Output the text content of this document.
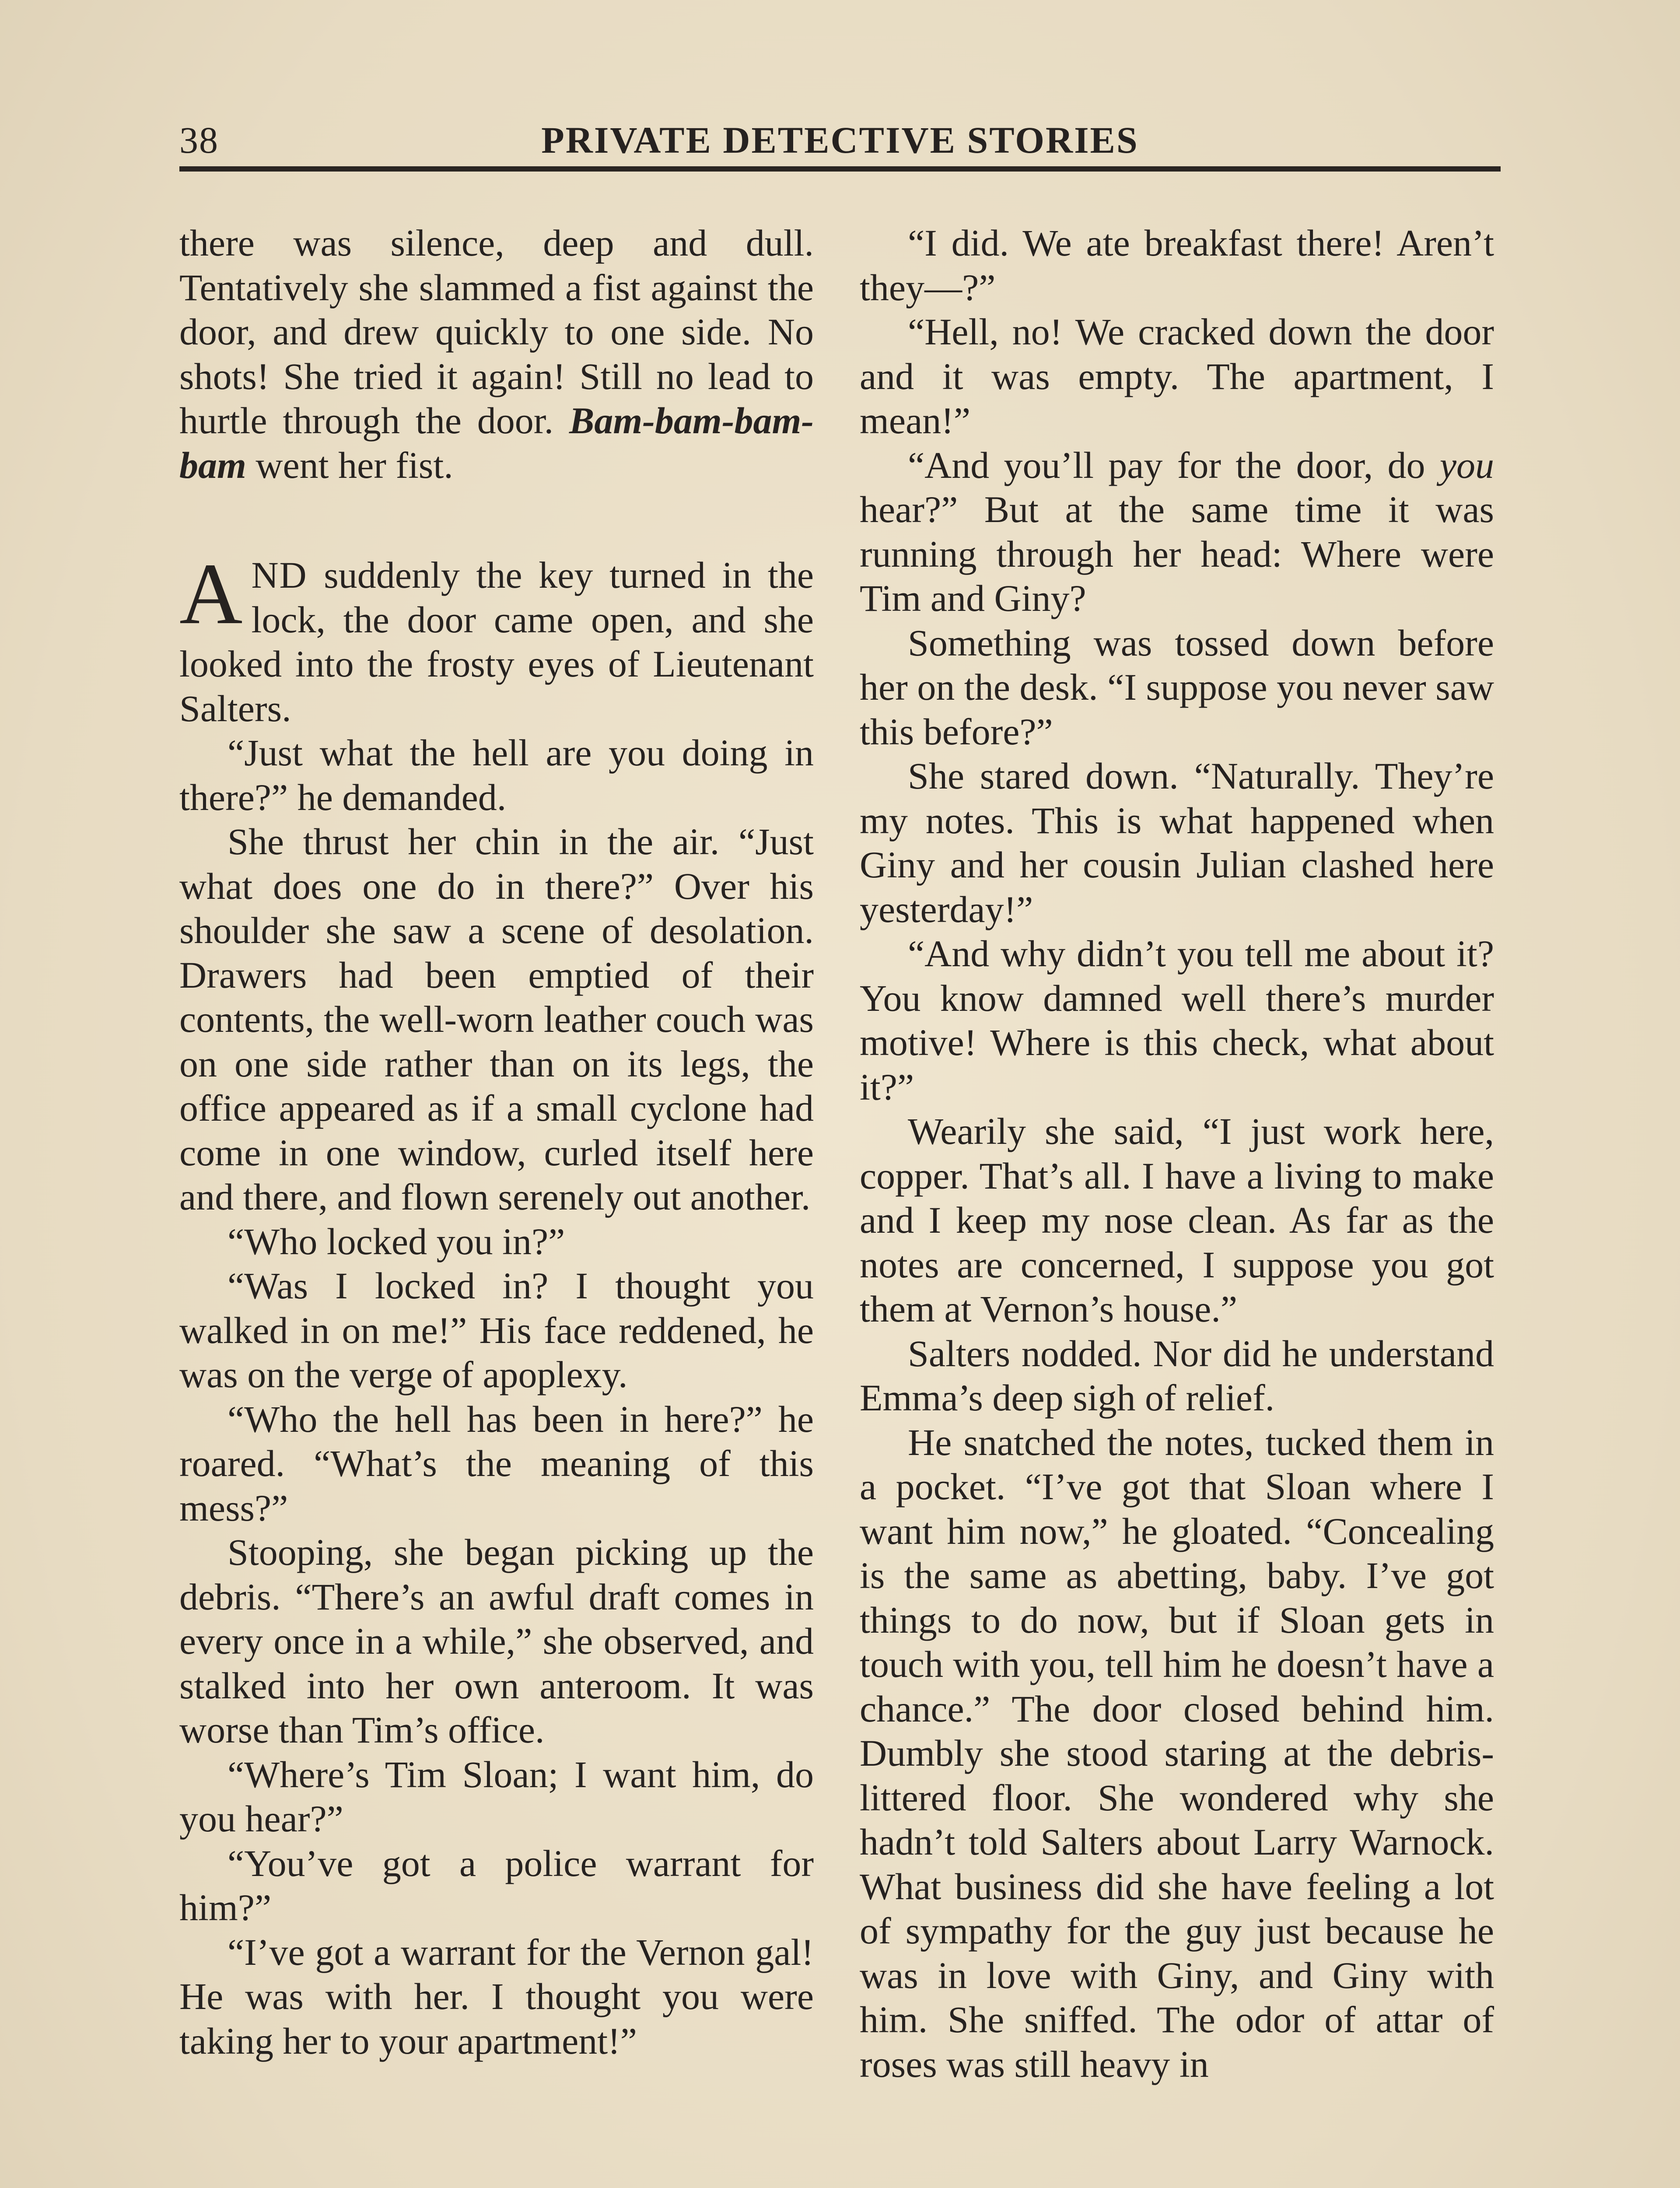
38	PRIVATE DETECTIVE STORIES

there was silence, deep and dull. Tentatively she slammed a fist against the door, and drew quickly to one side. No shots! She tried it again! Still no lead to hurtle through the door. Bam-bam-bam-bam went her fist.

AND suddenly the key turned in the lock, the door came open, and she looked into the frosty eyes of Lieutenant Salters.

“Just what the hell are you doing in there?” he demanded.

She thrust her chin in the air. “Just what does one do in there?” Over his shoulder she saw a scene of desolation. Drawers had been emptied of their contents, the well-worn leather couch was on one side rather than on its legs, the office appeared as if a small cyclone had come in one window, curled itself here and there, and flown serenely out another.

“Who locked you in?”

“Was I locked in? I thought you walked in on me!” His face reddened, he was on the verge of apoplexy.

“Who the hell has been in here?” he roared. “What’s the meaning of this mess?”

Stooping, she began picking up the debris. “There’s an awful draft comes in every once in a while,” she observed, and stalked into her own anteroom. It was worse than Tim’s office.

“Where’s Tim Sloan; I want him, do you hear?”

“You’ve got a police warrant for him?”

“I’ve got a warrant for the Vernon gal! He was with her. I thought you were taking her to your apartment!”

“I did. We ate breakfast there! Aren’t they—?”

“Hell, no! We cracked down the door and it was empty. The apartment, I mean!”

“And you’ll pay for the door, do you hear?” But at the same time it was running through her head: Where were Tim and Giny?

Something was tossed down before her on the desk. “I suppose you never saw this before?”

She stared down. “Naturally. They’re my notes. This is what happened when Giny and her cousin Julian clashed here yesterday!”

“And why didn’t you tell me about it? You know damned well there’s murder motive! Where is this check, what about it?”

Wearily she said, “I just work here, copper. That’s all. I have a living to make and I keep my nose clean. As far as the notes are concerned, I suppose you got them at Vernon’s house.”

Salters nodded. Nor did he understand Emma’s deep sigh of relief.

He snatched the notes, tucked them in a pocket. “I’ve got that Sloan where I want him now,” he gloated. “Concealing is the same as abetting, baby. I’ve got things to do now, but if Sloan gets in touch with you, tell him he doesn’t have a chance.” The door closed behind him. Dumbly she stood staring at the debris-littered floor. She wondered why she hadn’t told Salters about Larry Warnock. What business did she have feeling a lot of sympathy for the guy just because he was in love with Giny, and Giny with him. She sniffed. The odor of attar of roses was still heavy in
